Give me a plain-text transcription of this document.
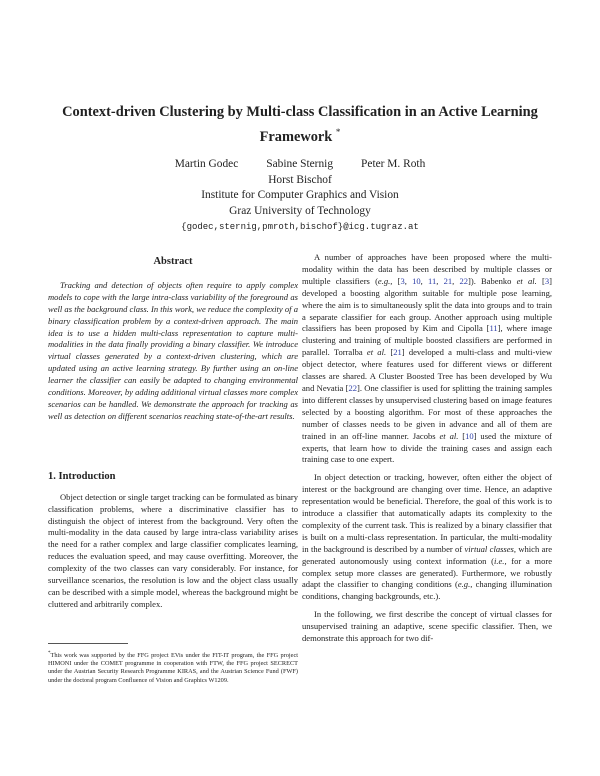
Context-driven Clustering by Multi-class Classification in an Active Learning
Framework *
Martin Godec Sabine Sternig Peter M. Roth
Horst Bischof
Institute for Computer Graphics and Vision
Graz University of Technology
{godec,sternig,pmroth,bischof}@icg.tugraz.at
Abstract

Tracking and detection of objects often require to apply complex models to cope with the large intra-class variability of the foreground as well as the background class. In this work, we reduce the complexity of a binary classification problem by a context-driven approach. The main idea is to use a hidden multi-class representation to capture multi-modalities in the data finally providing a binary classifier. We introduce virtual classes generated by a context-driven clustering, which are updated using an active learning strategy. By further using an on-line learner the classifier can easily be adapted to changing environmental conditions. Moreover, by adding additional virtual classes more complex scenarios can be handled. We demonstrate the approach for tracking as well as detection on different scenarios reaching state-of-the-art results.

1. Introduction

Object detection or single target tracking can be formulated as binary classification problems, where a discriminative classifier has to distinguish the object of interest from the background. Very often the multi-modality in the data caused by large intra-class variability arises the need for a rather complex and large classifier complicates learning, reduces the evaluation speed, and may cause overfitting. Moreover, the complexity of the two classes can vary considerably. For instance, for surveillance scenarios, the resolution is low and the object class usually can be described with a simple model, whereas the background might be cluttered and arbitrarily complex.

*This work was supported by the FFG project EVis under the FIT-IT program, the FFG project HIMONI under the COMET programme in cooperation with FTW, the FFG project SECRECT under the Austrian Security Research Programme KIRAS, and the Austrian Science Fund (FWF) under the doctoral program Confluence of Vision and Graphics W1209.

A number of approaches have been proposed where the multi-modality within the data has been described by multiple classes or multiple classifiers (e.g., [3, 10, 11, 21, 22]). Babenko et al. [3] developed a boosting algorithm suitable for multiple pose learning, where the aim is to simultaneously split the data into groups and to train a separate classifier for each group. Another approach using multiple classifiers has been proposed by Kim and Cipolla [11], where image clustering and training of multiple boosted classifiers are performed in parallel. Torralba et al. [21] developed a multi-class and multi-view object detector, where features used for different views or different classes are shared. A Cluster Boosted Tree has been developed by Wu and Nevatia [22]. One classifier is used for splitting the training samples into different classes by unsupervised clustering based on image features selected by a boosting algorithm. For most of these approaches the number of classes needs to be given in advance and all of them are trained in an off-line manner. Jacobs et al. [10] used the mixture of experts, that learn how to divide the training cases and assign each training case to one expert.

In object detection or tracking, however, often either the object of interest or the background are changing over time. Hence, an adaptive representation would be beneficial. Therefore, the goal of this work is to introduce a classifier that automatically adapts its complexity to the complexity of the current task. This is realized by a binary classifier that is built on a multi-class representation. In particular, the multi-modality in the background is described by a number of virtual classes, which are generated autonomously using context information (i.e., for a more complex setup more classes are generated). Furthermore, we robustly adapt the classifier to changing conditions (e.g., changing illumination conditions, changing backgrounds, etc.).

In the following, we first describe the concept of virtual classes for unsupervised training an adaptive, scene specific classifier. Then, we demonstrate this approach for two dif-
